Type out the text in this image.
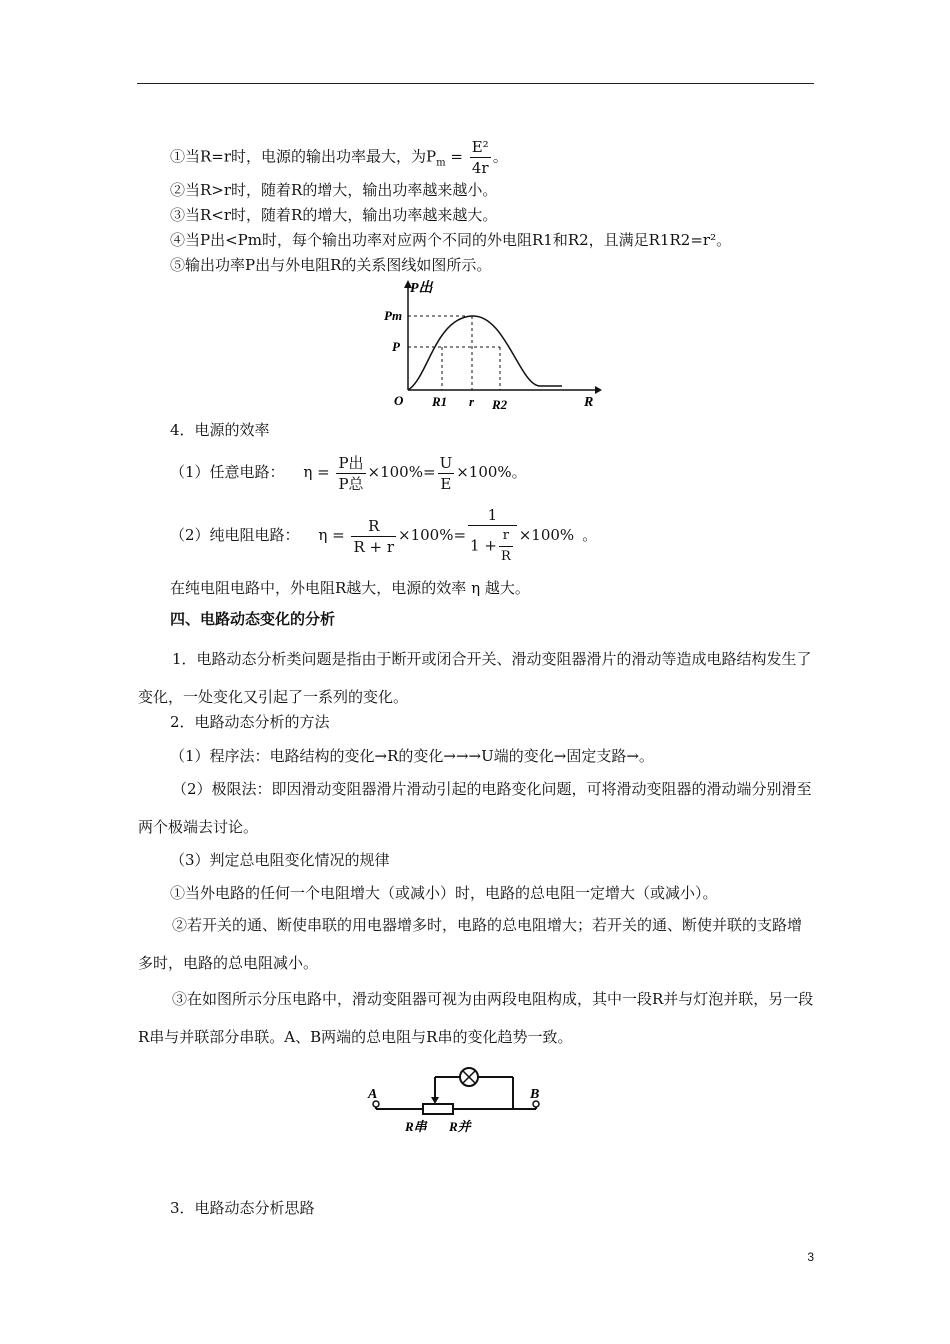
①当R=r时，电源的输出功率最大，为$P_m = \frac{\text{E²}}{4r}$ 。
②当R>r时，随着R的增大，输出功率越来越小。
③当R<r时，随着R的增大，输出功率越来越大。
④当P出<Pm时，每个输出功率对应两个不同的外电阻R1和R2，且满足R1R2=r²。
⑤输出功率P出与外电阻R的关系图线如图所示。
P出
Pm
P
O R1 r R2	R
4．电源的效率
（1）任意电路： $\eta = \frac{\text{P出}}{\text{P总}} \times 100\%= \frac{U}{E} \times 100\%$。
（2）纯电阻电路： $\eta = \frac{R}{R + r} \times 100\%= \frac{1}{1 + \frac{r}{R}} \times 100\%$ 。
在纯电阻电路中，外电阻R越大，电源的效率 η 越大。
四、电路动态变化的分析
1．电路动态分析类问题是指由于断开或闭合开关、滑动变阻器滑片的滑动等造成电路结构发生了变化，一处变化又引起了一系列的变化。
2．电路动态分析的方法
（1）程序法：电路结构的变化→R的变化→→→U端的变化→固定支路→。
（2）极限法：即因滑动变阻器滑片滑动引起的电路变化问题，可将滑动变阻器的滑动端分别滑至两个极端去讨论。
（3）判定总电阻变化情况的规律
①当外电路的任何一个电阻增大（或减小）时，电路的总电阻一定增大（或减小）。
②若开关的通、断使串联的用电器增多时，电路的总电阻增大；若开关的通、断使并联的支路增多时，电路的总电阻减小。
③在如图所示分压电路中，滑动变阻器可视为由两段电阻构成，其中一段R并与灯泡并联，另一段R串与并联部分串联。A、B两端的总电阻与R串的变化趋势一致。
A	B
R串 R并
3．电路动态分析思路
3
